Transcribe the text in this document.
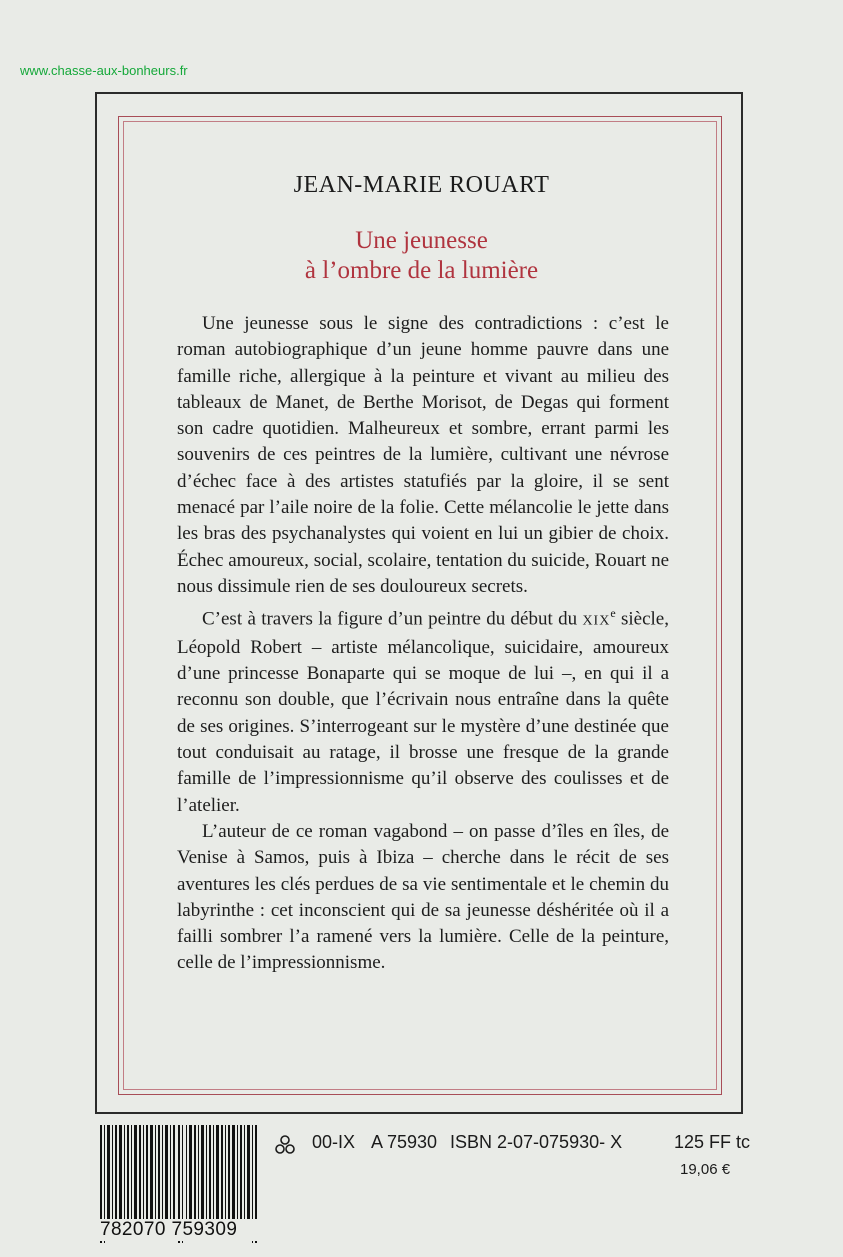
www.chasse-aux-bonheurs.fr
JEAN-MARIE ROUART
Une jeunesse
à l’ombre de la lumière

Une jeunesse sous le signe des contradictions : c’est le roman autobiographique d’un jeune homme pauvre dans une famille riche, allergique à la peinture et vivant au milieu des tableaux de Manet, de Berthe Morisot, de Degas qui forment son cadre quotidien. Malheureux et sombre, errant parmi les souvenirs de ces peintres de la lumière, cultivant une névrose d’échec face à des artistes statufiés par la gloire, il se sent menacé par l’aile noire de la folie. Cette mélancolie le jette dans les bras des psychanalystes qui voient en lui un gibier de choix. Échec amoureux, social, scolaire, tentation du suicide, Rouart ne nous dissimule rien de ses douloureux secrets.

C’est à travers la figure d’un peintre du début du XIXe siècle, Léopold Robert – artiste mélancolique, suicidaire, amoureux d’une princesse Bonaparte qui se moque de lui –, en qui il a reconnu son double, que l’écrivain nous entraîne dans la quête de ses origines. S’interrogeant sur le mystère d’une destinée que tout conduisait au ratage, il brosse une fresque de la grande famille de l’impressionnisme qu’il observe des coulisses et de l’atelier.

L’auteur de ce roman vagabond – on passe d’îles en îles, de Venise à Samos, puis à Ibiza – cherche dans le récit de ses aventures les clés perdues de sa vie sentimentale et le chemin du labyrinthe : cet inconscient qui de sa jeunesse déshéritée où il a failli sombrer l’a ramené vers la lumière. Celle de la peinture, celle de l’impressionnisme.

782070 759309
00-IX A 75930 ISBN 2-07-075930- X	125 FF tc
19,06 €
